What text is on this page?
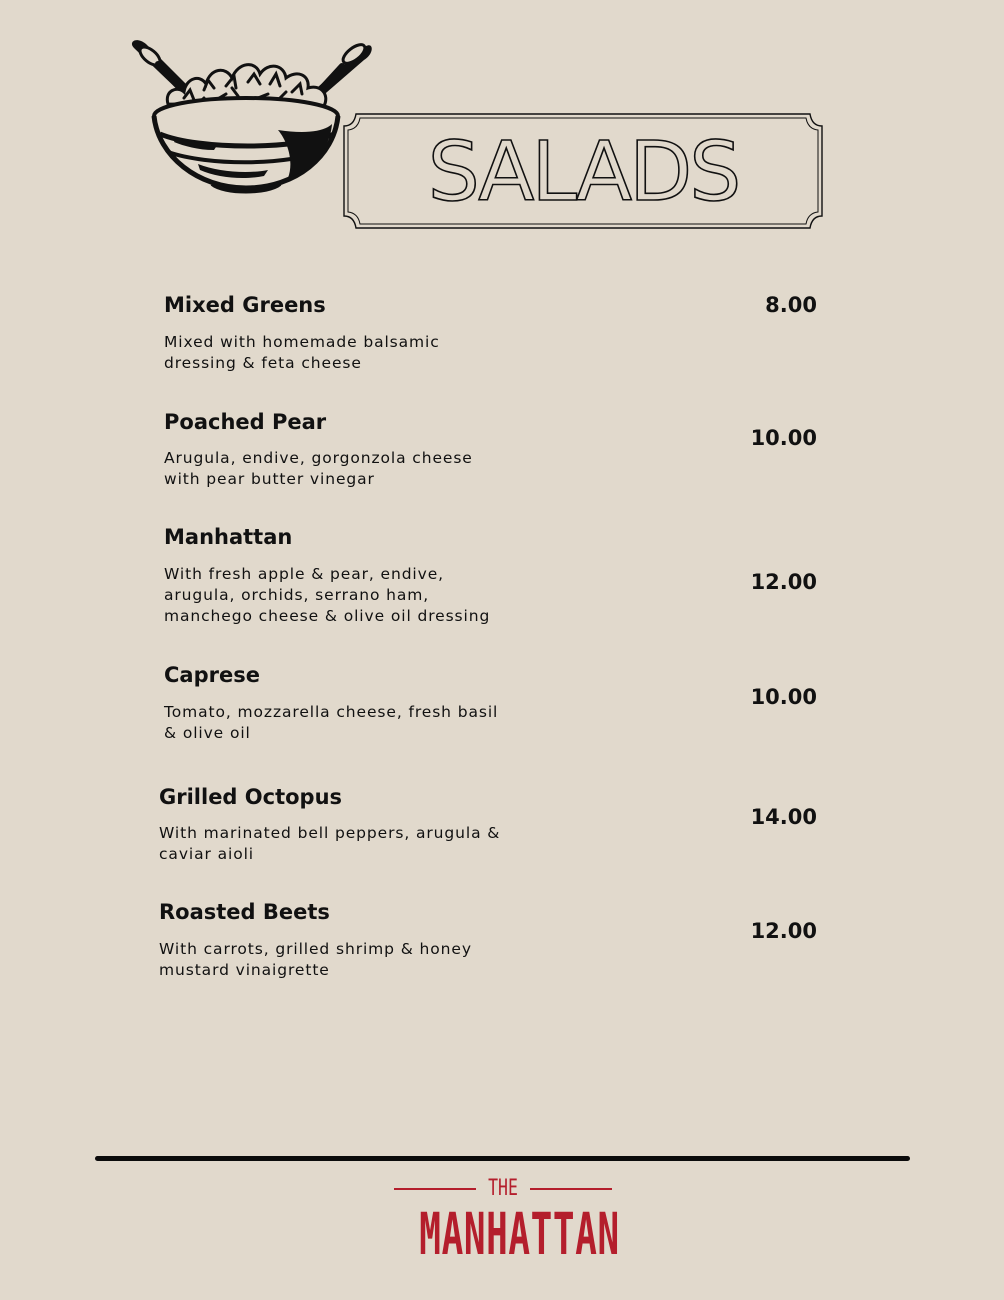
SALADS
Mixed Greens
Mixed with homemade balsamic
dressing & feta cheese
8.00
Poached Pear
Arugula, endive, gorgonzola cheese
with pear butter vinegar
10.00
Manhattan
With fresh apple & pear, endive,
arugula, orchids, serrano ham,
manchego cheese & olive oil dressing
12.00
Caprese
Tomato, mozzarella cheese, fresh basil
& olive oil
10.00
Grilled Octopus
With marinated bell peppers, arugula &
caviar aioli
14.00
Roasted Beets
With carrots, grilled shrimp & honey
mustard vinaigrette
12.00
THE
MANHATTAN
